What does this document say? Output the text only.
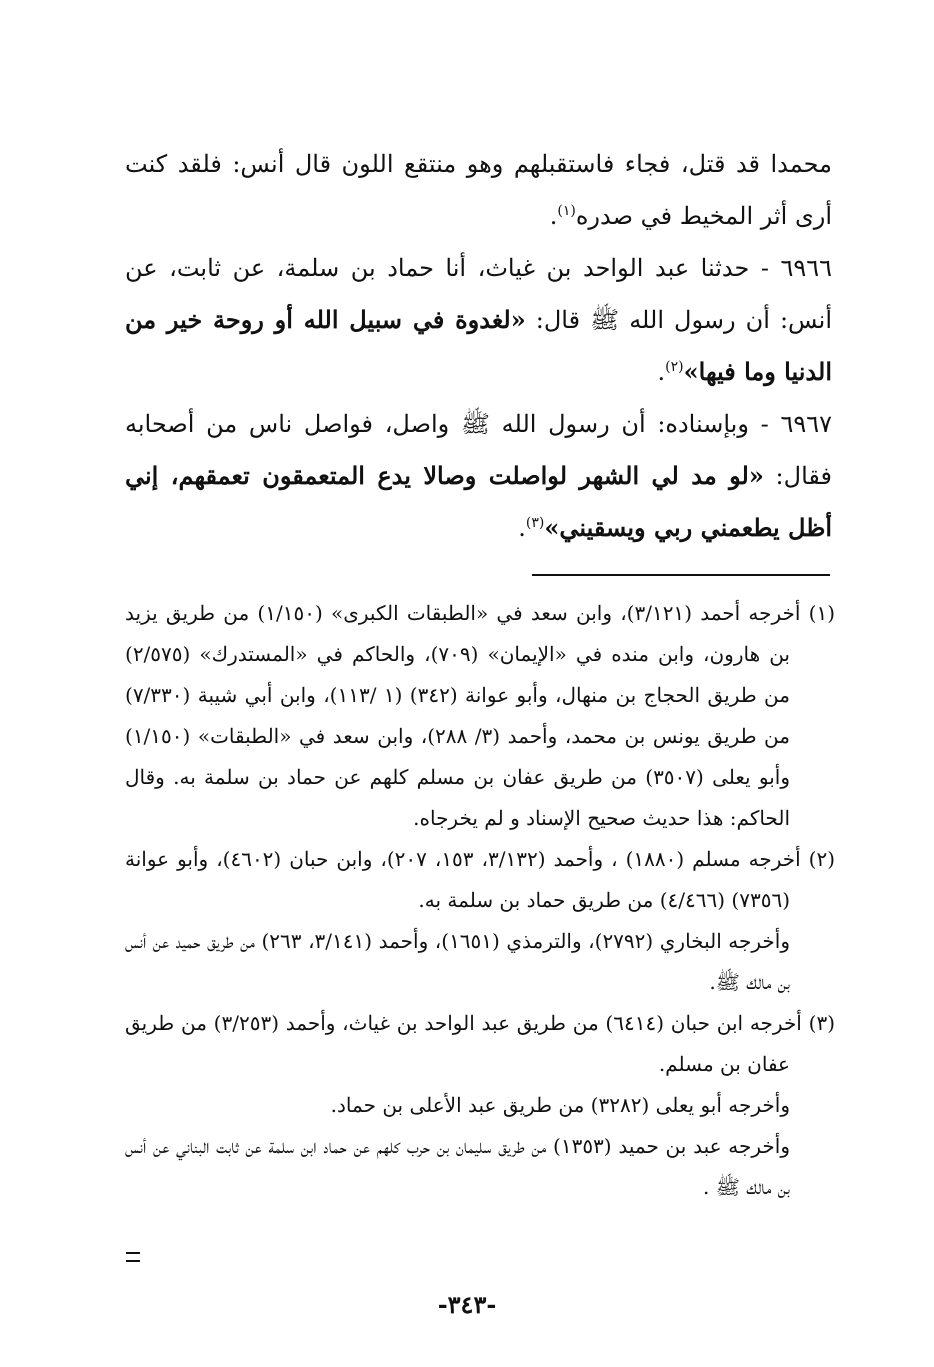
محمدا قد قتل، فجاء فاستقبلهم وهو منتقع اللون قال أنس: فلقد كنت أرى أثر المخيط في صدره$^{(١)}$.

٦٩٦٦ - حدثنا عبد الواحد بن غياث، أنا حماد بن سلمة، عن ثابت، عن أنس: أن رسول الله ﷺ قال: «لغدوة في سبيل الله أو روحة خير من الدنيا وما فيها»$^{(٢)}$.

٦٩٦٧ - وبإسناده: أن رسول الله ﷺ واصل، فواصل ناس من أصحابه فقال: «لو مد لي الشهر لواصلت وصالا يدع المتعمقون تعمقهم، إني أظل يطعمني ربي ويسقيني»$^{(٣)}$.

(١) أخرجه أحمد (٣/١٢١)، وابن سعد في «الطبقات الكبرى» (١/١٥٠) من طريق يزيد بن هارون، وابن منده في «الإيمان» (٧٠٩)، والحاكم في «المستدرك» (٢/٥٧٥) من طريق الحجاج بن منهال، وأبو عوانة (٣٤٢) (١ /١١٣)، وابن أبي شيبة (٧/٣٣٠) من طريق يونس بن محمد، وأحمد (٣/ ٢٨٨)، وابن سعد في «الطبقات» (١/١٥٠) وأبو يعلى (٣٥٠٧) من طريق عفان بن مسلم كلهم عن حماد بن سلمة به. وقال الحاكم: هذا حديث صحيح الإسناد و لم يخرجاه.

(٢) أخرجه مسلم (١٨٨٠) ، وأحمد (٣/١٣٢، ١٥٣، ٢٠٧)، وابن حبان (٤٦٠٢)، وأبو عوانة (٧٣٥٦) (٤/٤٦٦) من طريق حماد بن سلمة به.

وأخرجه البخاري (٢٧٩٢)، والترمذي (١٦٥١)، وأحمد (٣/١٤١، ٢٦٣) من طريق حميد عن أنس بن مالك ﷺ.

(٣) أخرجه ابن حبان (٦٤١٤) من طريق عبد الواحد بن غياث، وأحمد (٣/٢٥٣) من طريق عفان بن مسلم.

وأخرجه أبو يعلى (٣٢٨٢) من طريق عبد الأعلى بن حماد.

وأخرجه عبد بن حميد (١٣٥٣) من طريق سليمان بن حرب كلهم عن حماد ابن سلمة عن ثابت البناني عن أنس بن مالك ﷺ .

-٣٤٣-
